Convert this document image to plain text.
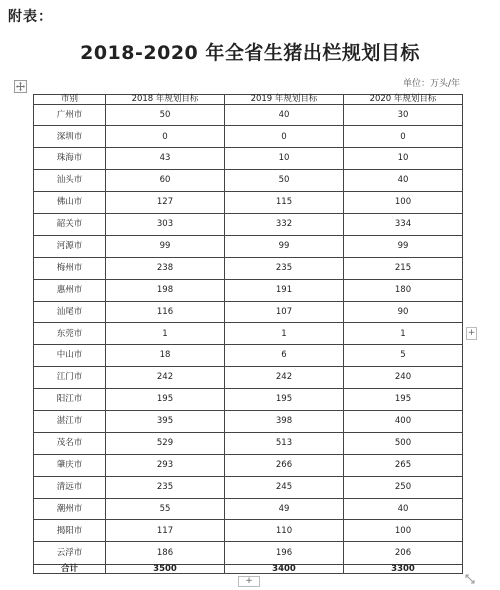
附表：
2018-2020 年全省生猪出栏规划目标
单位：万头/年
市别	2018 年规划目标	2019 年规划目标	2020 年规划目标
广州市	50	40	30
深圳市	0	0	0
珠海市	43	10	10
汕头市	60	50	40
佛山市	127	115	100
韶关市	303	332	334
河源市	99	99	99
梅州市	238	235	215
惠州市	198	191	180
汕尾市	116	107	90
东莞市	1	1	1
中山市	18	6	5
江门市	242	242	240
阳江市	195	195	195
湛江市	395	398	400
茂名市	529	513	500
肇庆市	293	266	265
清远市	235	245	250
潮州市	55	49	40
揭阳市	117	110	100
云浮市	186	196	206
合计	3500	3400	3300
+
+
